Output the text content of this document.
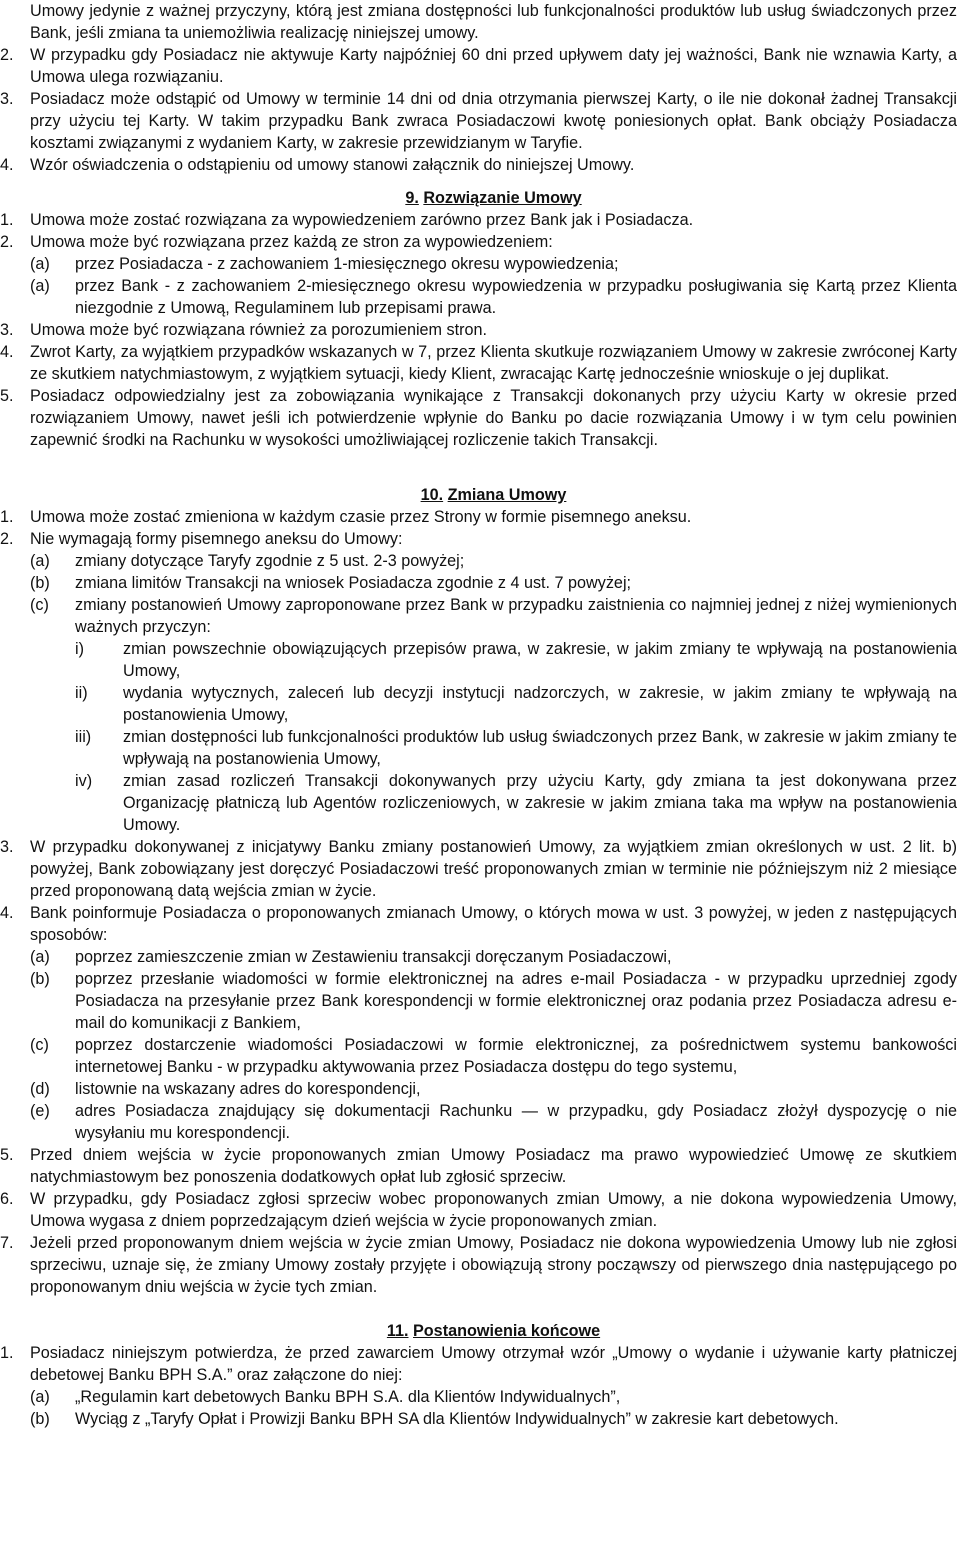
Umowy jedynie z ważnej przyczyny, którą jest zmiana dostępności lub funkcjonalności produktów lub usług świadczonych przez Bank, jeśli zmiana ta uniemożliwia realizację niniejszej umowy.

2.	W przypadku gdy Posiadacz nie aktywuje Karty najpóźniej 60 dni przed upływem daty jej ważności, Bank nie wznawia Karty, a Umowa ulega rozwiązaniu.
3.	Posiadacz może odstąpić od Umowy w terminie 14 dni od dnia otrzymania pierwszej Karty, o ile nie dokonał żadnej Transakcji przy użyciu tej Karty. W takim przypadku Bank zwraca Posiadaczowi kwotę poniesionych opłat. Bank obciąży Posiadacza kosztami związanymi z wydaniem Karty, w zakresie przewidzianym w Taryfie.
4.	Wzór oświadczenia o odstąpieniu od umowy stanowi załącznik do niniejszej Umowy.
9. Rozwiązanie Umowy
1.	Umowa może zostać rozwiązana za wypowiedzeniem zarówno przez Bank jak i Posiadacza.
2.	Umowa może być rozwiązana przez każdą ze stron za wypowiedzeniem:
(a)	przez Posiadacza - z zachowaniem 1-miesięcznego okresu wypowiedzenia;
(a)	przez Bank - z zachowaniem 2-miesięcznego okresu wypowiedzenia w przypadku posługiwania się Kartą przez Klienta niezgodnie z Umową, Regulaminem lub przepisami prawa.
3.	Umowa może być rozwiązana również za porozumieniem stron.
4.	Zwrot Karty, za wyjątkiem przypadków wskazanych w 7, przez Klienta skutkuje rozwiązaniem Umowy w zakresie zwróconej Karty ze skutkiem natychmiastowym, z wyjątkiem sytuacji, kiedy Klient, zwracając Kartę jednocześnie wnioskuje o jej duplikat.
5.	Posiadacz odpowiedzialny jest za zobowiązania wynikające z Transakcji dokonanych przy użyciu Karty w okresie przed rozwiązaniem Umowy, nawet jeśli ich potwierdzenie wpłynie do Banku po dacie rozwiązania Umowy i w tym celu powinien zapewnić środki na Rachunku w wysokości umożliwiającej rozliczenie takich Transakcji.
10. Zmiana Umowy
1.	Umowa może zostać zmieniona w każdym czasie przez Strony w formie pisemnego aneksu.
2.	Nie wymagają formy pisemnego aneksu do Umowy:
(a)	zmiany dotyczące Taryfy zgodnie z 5 ust. 2-3 powyżej;
(b)	zmiana limitów Transakcji na wniosek Posiadacza zgodnie z 4 ust. 7 powyżej;
(c)	zmiany postanowień Umowy zaproponowane przez Bank w przypadku zaistnienia co najmniej jednej z niżej wymienionych ważnych przyczyn:
i)	zmian powszechnie obowiązujących przepisów prawa, w zakresie, w jakim zmiany te wpływają na postanowienia Umowy,
ii)	wydania wytycznych, zaleceń lub decyzji instytucji nadzorczych, w zakresie, w jakim zmiany te wpływają na postanowienia Umowy,
iii)	zmian dostępności lub funkcjonalności produktów lub usług świadczonych przez Bank, w zakresie w jakim zmiany te wpływają na postanowienia Umowy,
iv)	zmian zasad rozliczeń Transakcji dokonywanych przy użyciu Karty, gdy zmiana ta jest dokonywana przez Organizację płatniczą lub Agentów rozliczeniowych, w zakresie w jakim zmiana taka ma wpływ na postanowienia Umowy.
3.	W przypadku dokonywanej z inicjatywy Banku zmiany postanowień Umowy, za wyjątkiem zmian określonych w ust. 2 lit. b) powyżej, Bank zobowiązany jest doręczyć Posiadaczowi treść proponowanych zmian w terminie nie późniejszym niż 2 miesiące przed proponowaną datą wejścia zmian w życie.
4.	Bank poinformuje Posiadacza o proponowanych zmianach Umowy, o których mowa w ust. 3 powyżej, w jeden z następujących sposobów:
(a)	poprzez zamieszczenie zmian w Zestawieniu transakcji doręczanym Posiadaczowi,
(b)	poprzez przesłanie wiadomości w formie elektronicznej na adres e-mail Posiadacza - w przypadku uprzedniej zgody Posiadacza na przesyłanie przez Bank korespondencji w formie elektronicznej oraz podania przez Posiadacza adresu e-mail do komunikacji z Bankiem,
(c)	poprzez dostarczenie wiadomości Posiadaczowi w formie elektronicznej, za pośrednictwem systemu bankowości internetowej Banku - w przypadku aktywowania przez Posiadacza dostępu do tego systemu,
(d)	listownie na wskazany adres do korespondencji,
(e)	adres Posiadacza znajdujący się dokumentacji Rachunku — w przypadku, gdy Posiadacz złożył dyspozycję o nie wysyłaniu mu korespondencji.
5.	Przed dniem wejścia w życie proponowanych zmian Umowy Posiadacz ma prawo wypowiedzieć Umowę ze skutkiem natychmiastowym bez ponoszenia dodatkowych opłat lub zgłosić sprzeciw.
6.	W przypadku, gdy Posiadacz zgłosi sprzeciw wobec proponowanych zmian Umowy, a nie dokona wypowiedzenia Umowy, Umowa wygasa z dniem poprzedzającym dzień wejścia w życie proponowanych zmian.
7.	Jeżeli przed proponowanym dniem wejścia w życie zmian Umowy, Posiadacz nie dokona wypowiedzenia Umowy lub nie zgłosi sprzeciwu, uznaje się, że zmiany Umowy zostały przyjęte i obowiązują strony począwszy od pierwszego dnia następującego po proponowanym dniu wejścia w życie tych zmian.
11. Postanowienia końcowe
1.	Posiadacz niniejszym potwierdza, że przed zawarciem Umowy otrzymał wzór „Umowy o wydanie i używanie karty płatniczej debetowej Banku BPH S.A.” oraz załączone do niej:
(a)	„Regulamin kart debetowych Banku BPH S.A. dla Klientów Indywidualnych”,
(b)	Wyciąg z „Taryfy Opłat i Prowizji Banku BPH SA dla Klientów Indywidualnych” w zakresie kart debetowych.
